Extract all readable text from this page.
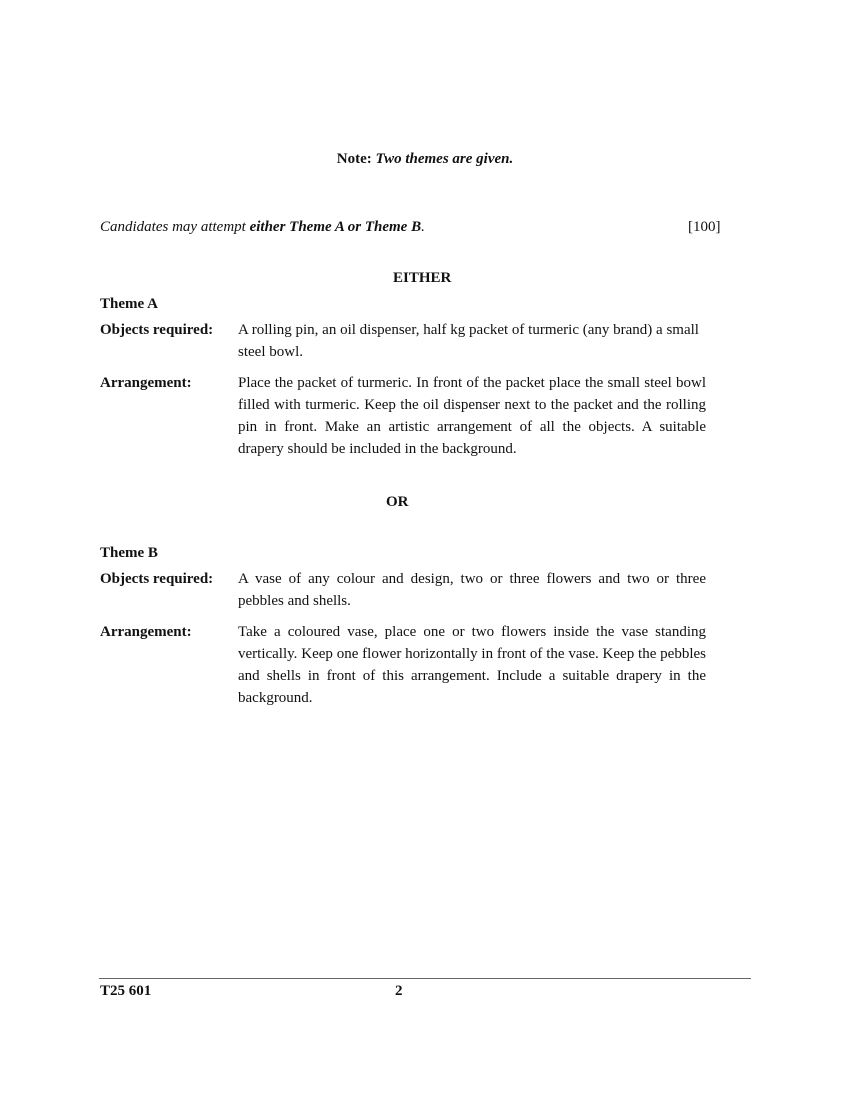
Note: Two themes are given.
Candidates may attempt either Theme A or Theme B.	[100]
EITHER
Theme A
Objects required: A rolling pin, an oil dispenser, half kg packet of turmeric (any brand) a small steel bowl.
Arrangement:	Place the packet of turmeric. In front of the packet place the small steel bowl filled with turmeric. Keep the oil dispenser next to the packet and the rolling pin in front. Make an artistic arrangement of all the objects. A suitable drapery should be included in the background.
OR
Theme B
Objects required: A vase of any colour and design, two or three flowers and two or three pebbles and shells.
Arrangement:	Take a coloured vase, place one or two flowers inside the vase standing vertically. Keep one flower horizontally in front of the vase. Keep the pebbles and shells in front of this arrangement. Include a suitable drapery in the background.
T25 601	2
